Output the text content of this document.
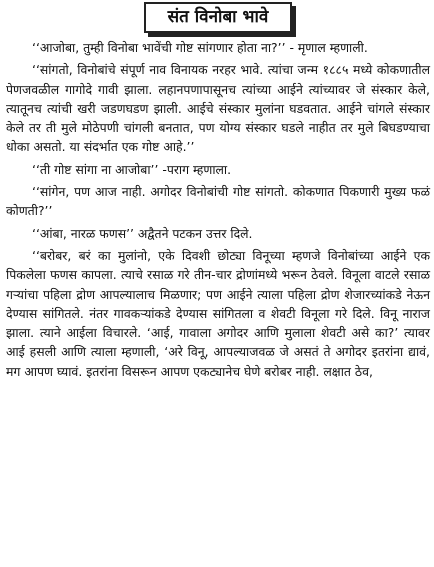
संत विनोबा भावे

‘‘आजोबा, तुम्ही विनोबा भावेंची गोष्ट सांगणार होता ना?’’ - मृणाल म्हणाली.

‘‘सांगतो, विनोबांचे संपूर्ण नाव विनायक नरहर भावे. त्यांचा जन्म १८८५ मध्ये कोकणातील पेणजवळील गागोदे गावी झाला. लहानपणापासूनच त्यांच्या आईने त्यांच्यावर जे संस्कार केले, त्यातूनच त्यांची खरी जडणघडण झाली. आईचे संस्कार मुलांना घडवतात. आईने चांगले संस्कार केले तर ती मुले मोठेपणी चांगली बनतात, पण योग्य संस्कार घडले नाहीत तर मुले बिघडण्याचा धोका असतो. या संदर्भात एक गोष्ट आहे.’’

‘‘ती गोष्ट सांगा ना आजोबा’’ -पराग म्हणाला.

‘‘सांगेन, पण आज नाही. अगोदर विनोबांची गोष्ट सांगतो. कोकणात पिकणारी मुख्य फळं कोणती?’’

‘‘आंबा, नारळ फणस’’ अद्वैतने पटकन उत्तर दिले.

‘‘बरोबर, बरं का मुलांनो, एके दिवशी छोट्या विनूच्या म्हणजे विनोबांच्या आईने एक पिकलेला फणस कापला. त्याचे रसाळ गरे तीन-चार द्रोणांमध्ये भरून ठेवले. विनूला वाटले रसाळ गऱ्यांचा पहिला द्रोण आपल्यालाच मिळणार; पण आईने त्याला पहिला द्रोण शेजारच्यांकडे नेऊन देण्यास सांगितले. नंतर गावकऱ्यांकडे देण्यास सांगितला व शेवटी विनूला गरे दिले. विनू नाराज झाला. त्याने आईला विचारले. ‘आई, गावाला अगोदर आणि मुलाला शेवटी असे का?’ त्यावर आई हसली आणि त्याला म्हणाली, ‘अरे विनू, आपल्याजवळ जे असतं ते अगोदर इतरांना द्यावं, मग आपण घ्यावं. इतरांना विसरून आपण एकट्यानेच घेणे बरोबर नाही. लक्षात ठेव,
